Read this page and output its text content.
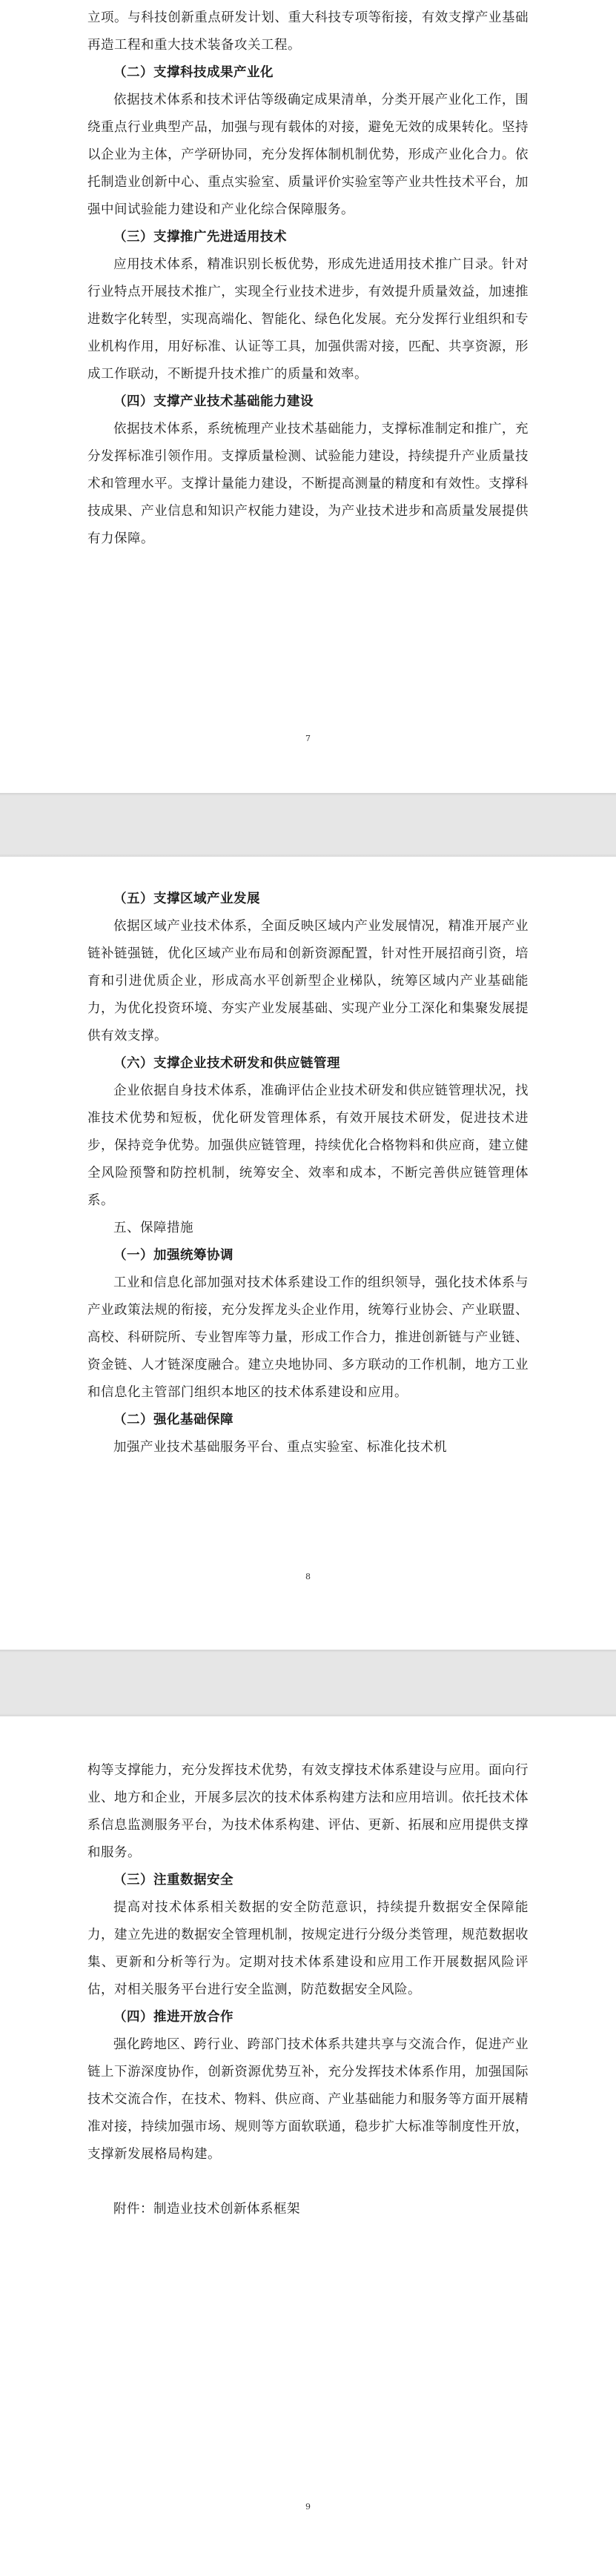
立项。与科技创新重点研发计划、重大科技专项等衔接，有效支撑产业基础再造工程和重大技术装备攻关工程。

（二）支撑科技成果产业化

依据技术体系和技术评估等级确定成果清单，分类开展产业化工作，围绕重点行业典型产品，加强与现有载体的对接，避免无效的成果转化。坚持以企业为主体，产学研协同，充分发挥体制机制优势，形成产业化合力。依托制造业创新中心、重点实验室、质量评价实验室等产业共性技术平台，加强中间试验能力建设和产业化综合保障服务。

（三）支撑推广先进适用技术

应用技术体系，精准识别长板优势，形成先进适用技术推广目录。针对行业特点开展技术推广，实现全行业技术进步，有效提升质量效益，加速推进数字化转型，实现高端化、智能化、绿色化发展。充分发挥行业组织和专业机构作用，用好标准、认证等工具，加强供需对接，匹配、共享资源，形成工作联动，不断提升技术推广的质量和效率。

（四）支撑产业技术基础能力建设

依据技术体系，系统梳理产业技术基础能力，支撑标准制定和推广，充分发挥标准引领作用。支撑质量检测、试验能力建设，持续提升产业质量技术和管理水平。支撑计量能力建设，不断提高测量的精度和有效性。支撑科技成果、产业信息和知识产权能力建设，为产业技术进步和高质量发展提供有力保障。

7

（五）支撑区域产业发展

依据区域产业技术体系，全面反映区域内产业发展情况，精准开展产业链补链强链，优化区域产业布局和创新资源配置，针对性开展招商引资，培育和引进优质企业，形成高水平创新型企业梯队，统筹区域内产业基础能力，为优化投资环境、夯实产业发展基础、实现产业分工深化和集聚发展提供有效支撑。

（六）支撑企业技术研发和供应链管理

企业依据自身技术体系，准确评估企业技术研发和供应链管理状况，找准技术优势和短板，优化研发管理体系，有效开展技术研发，促进技术进步，保持竞争优势。加强供应链管理，持续优化合格物料和供应商，建立健全风险预警和防控机制，统筹安全、效率和成本，不断完善供应链管理体系。

五、保障措施

（一）加强统筹协调

工业和信息化部加强对技术体系建设工作的组织领导，强化技术体系与产业政策法规的衔接，充分发挥龙头企业作用，统筹行业协会、产业联盟、高校、科研院所、专业智库等力量，形成工作合力，推进创新链与产业链、资金链、人才链深度融合。建立央地协同、多方联动的工作机制，地方工业和信息化主管部门组织本地区的技术体系建设和应用。

（二）强化基础保障

加强产业技术基础服务平台、重点实验室、标准化技术机

8

构等支撑能力，充分发挥技术优势，有效支撑技术体系建设与应用。面向行业、地方和企业，开展多层次的技术体系构建方法和应用培训。依托技术体系信息监测服务平台，为技术体系构建、评估、更新、拓展和应用提供支撑和服务。

（三）注重数据安全

提高对技术体系相关数据的安全防范意识，持续提升数据安全保障能力，建立先进的数据安全管理机制，按规定进行分级分类管理，规范数据收集、更新和分析等行为。定期对技术体系建设和应用工作开展数据风险评估，对相关服务平台进行安全监测，防范数据安全风险。

（四）推进开放合作

强化跨地区、跨行业、跨部门技术体系共建共享与交流合作，促进产业链上下游深度协作，创新资源优势互补，充分发挥技术体系作用，加强国际技术交流合作，在技术、物料、供应商、产业基础能力和服务等方面开展精准对接，持续加强市场、规则等方面软联通，稳步扩大标准等制度性开放，支撑新发展格局构建。

附件：制造业技术创新体系框架

9
